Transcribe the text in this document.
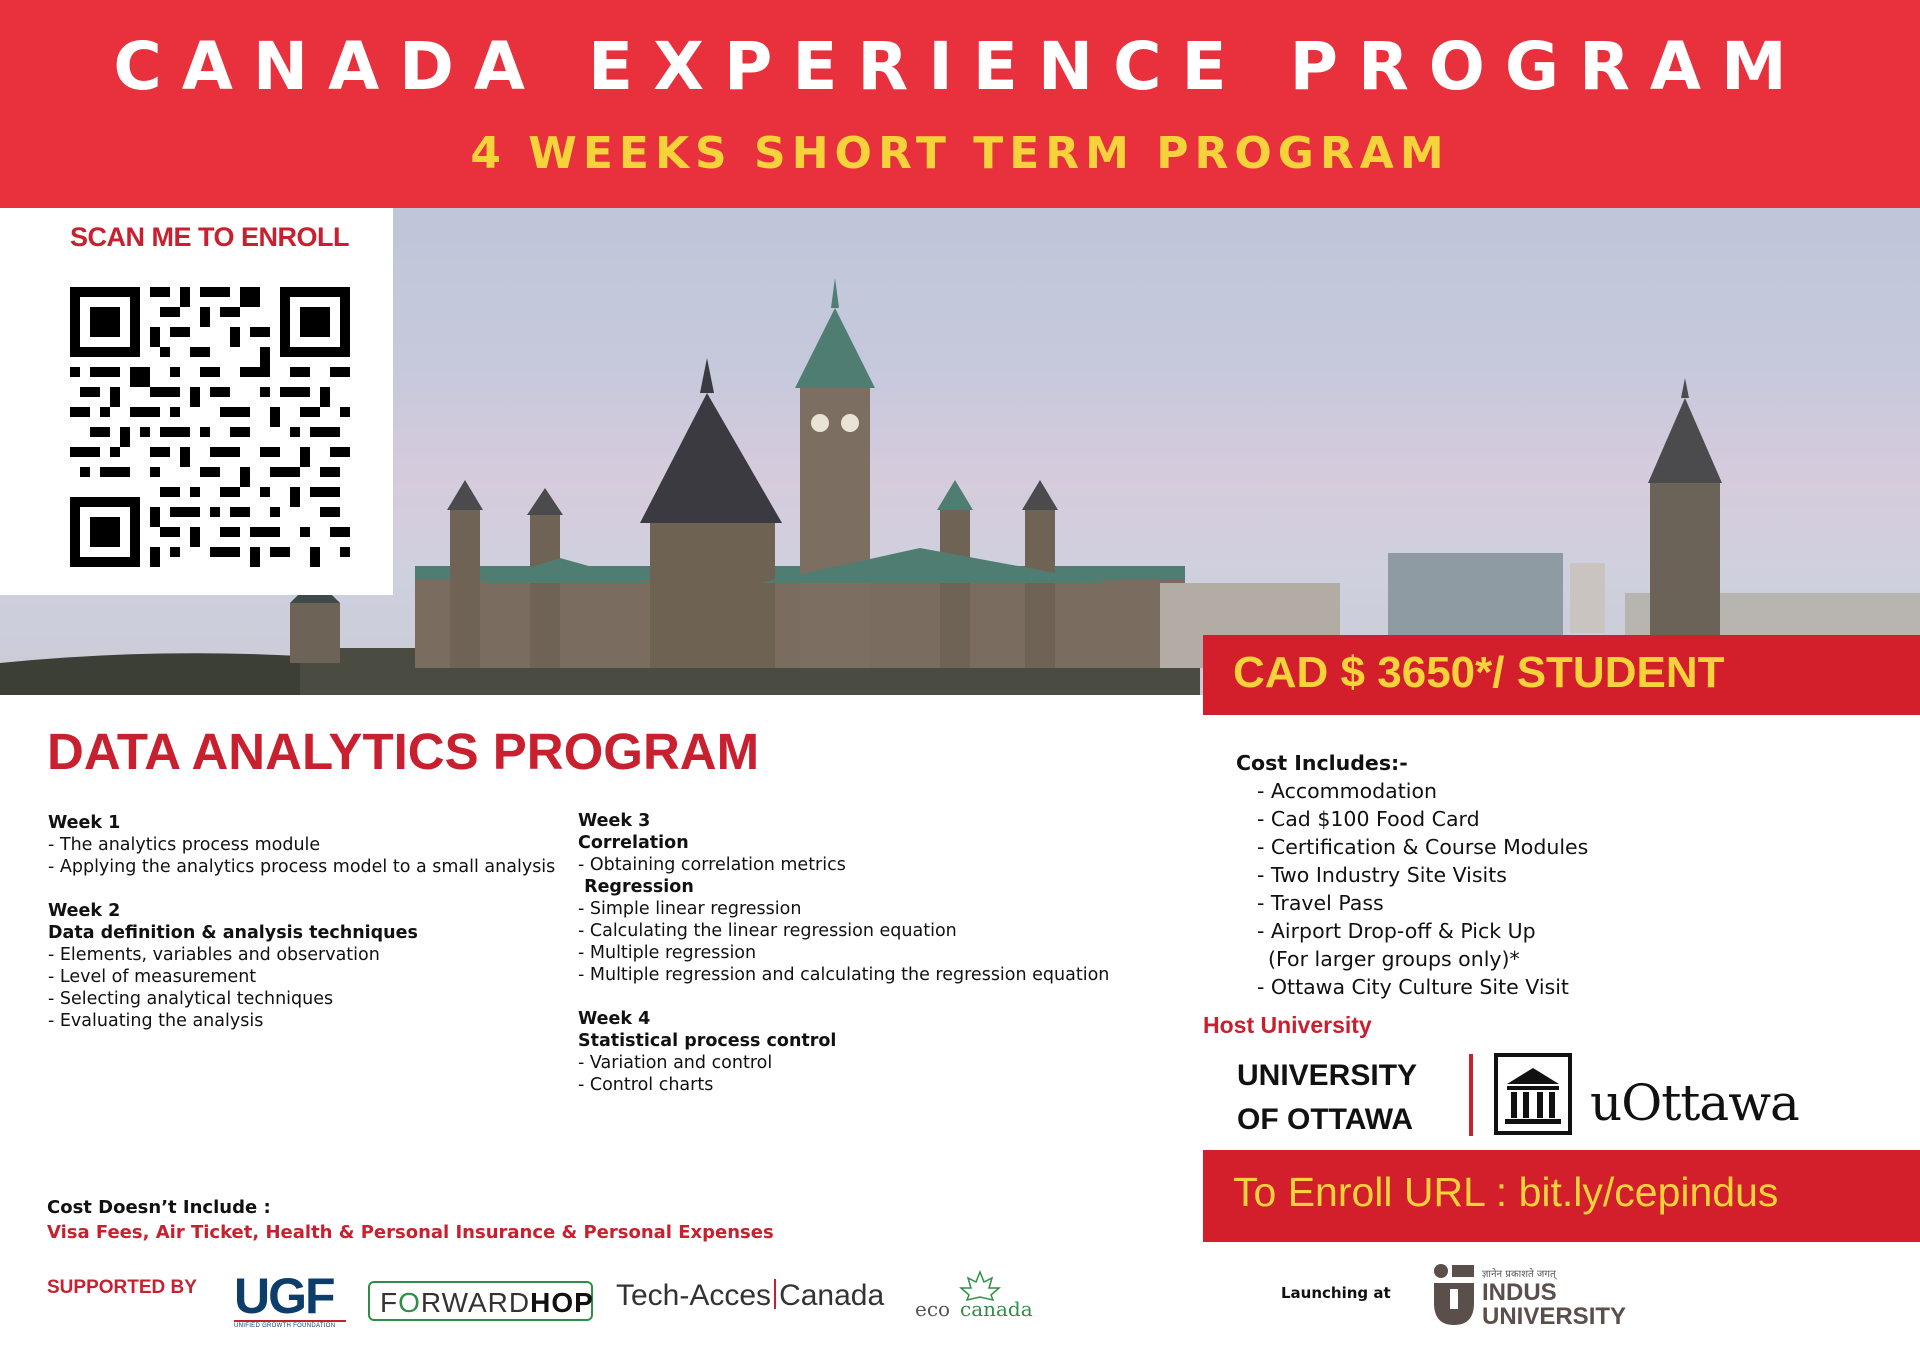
CANADA EXPERIENCE PROGRAM
4 WEEKS SHORT TERM PROGRAM
SCAN ME TO ENROLL
CAD $ 3650*/ STUDENT
DATA ANALYTICS PROGRAM
Week 1
- The analytics process module
- Applying the analytics process model to a small analysis
Week 2
Data definition & analysis techniques
- Elements, variables and observation
- Level of measurement
- Selecting analytical techniques
- Evaluating the analysis
Week 3
Correlation
- Obtaining correlation metrics
Regression
- Simple linear regression
- Calculating the linear regression equation
- Multiple regression
- Multiple regression and calculating the regression equation
Week 4
Statistical process control
- Variation and control
- Control charts
Cost Includes:-
- Accommodation
- Cad $100 Food Card
- Certification & Course Modules
- Two Industry Site Visits
- Travel Pass
- Airport Drop-off & Pick Up
(For larger groups only)*
- Ottawa City Culture Site Visit
Host University
UNIVERSITY
OF OTTAWA	uOttawa
To Enroll URL : bit.ly/cepindus
Cost Doesn’t Include :
Visa Fees, Air Ticket, Health & Personal Insurance & Personal Expenses
SUPPORTED BY UGF
UNIFIED GROWTH FOUNDATION
FORWARDHOP Tech-Acces Canada eco canada
Launching at
ज्ञानेन प्रकाशते जगत्
INDUS
UNIVERSITY
